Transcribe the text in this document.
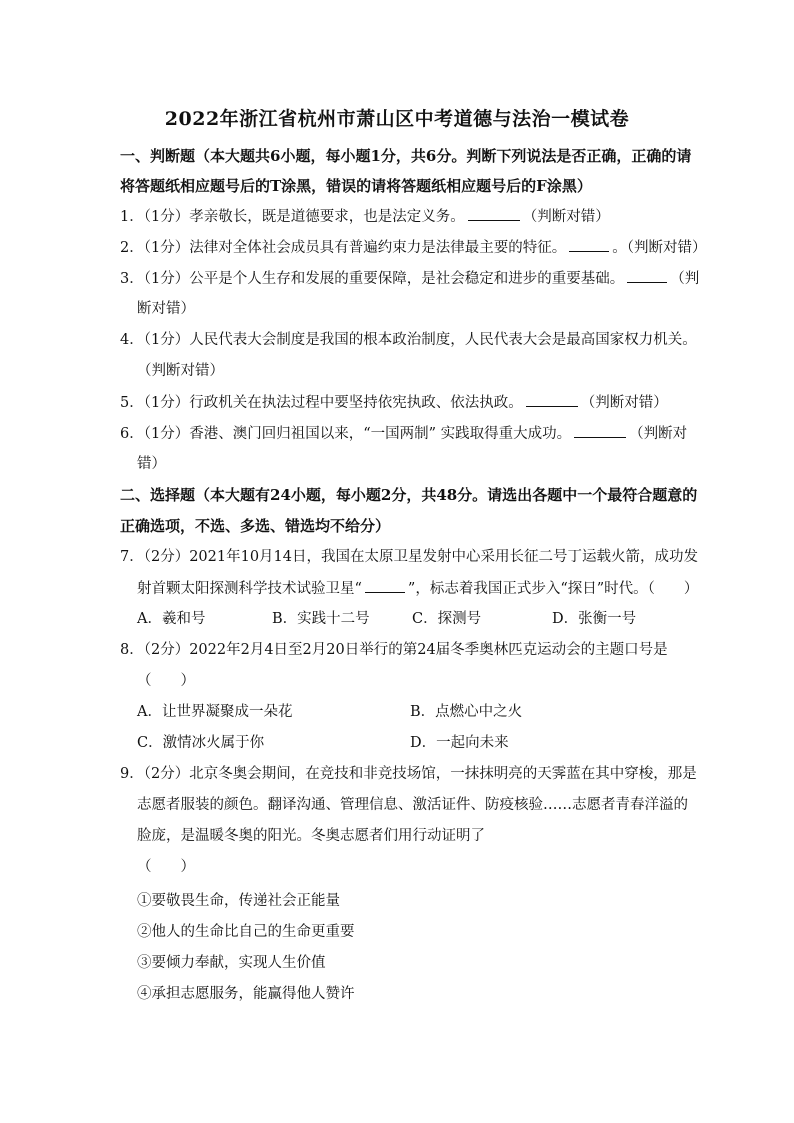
2022年浙江省杭州市萧山区中考道德与法治一模试卷
一、判断题（本大题共6小题，每小题1分，共6分。判断下列说法是否正确，正确的请
将答题纸相应题号后的T涂黑，错误的请将答题纸相应题号后的F涂黑）
1．（1分）孝亲敬长，既是道德要求，也是法定义务。	（判断对错）
2．（1分）法律对全体社会成员具有普遍约束力是法律最主要的特征。	。（判断对错）
3．（1分）公平是个人生存和发展的重要保障，是社会稳定和进步的重要基础。	（判
断对错）
4．（1分）人民代表大会制度是我国的根本政治制度，人民代表大会是最高国家权力机关。
（判断对错）
5．（1分）行政机关在执法过程中要坚持依宪执政、依法执政。	（判断对错）
6．（1分）香港、澳门回归祖国以来，“一国两制” 实践取得重大成功。	（判断对
错）
二、选择题（本大题有24小题，每小题2分，共48分。请选出各题中一个最符合题意的
正确选项，不选、多选、错选均不给分）
7．（2分）2021年10月14日，我国在太原卫星发射中心采用长征二号丁运载火箭，成功发
射首颗太阳探测科学技术试验卫星“	”，标志着我国正式步入“探日”时代。（　　）
A．羲和号	B．实践十二号	C．探测号	D．张衡一号
8．（2分）2022年2月4日至2月20日举行的第24届冬季奥林匹克运动会的主题口号是
（　　）
A．让世界凝聚成一朵花	B．点燃心中之火
C．激情冰火属于你	D．一起向未来
9．（2分）北京冬奥会期间，在竞技和非竞技场馆，一抹抹明亮的天霁蓝在其中穿梭，那是
志愿者服装的颜色。翻译沟通、管理信息、激活证件、防疫核验……志愿者青春洋溢的
脸庞，是温暖冬奥的阳光。冬奥志愿者们用行动证明了
（　　）
①要敬畏生命，传递社会正能量
②他人的生命比自己的生命更重要
③要倾力奉献，实现人生价值
④承担志愿服务，能赢得他人赞许
